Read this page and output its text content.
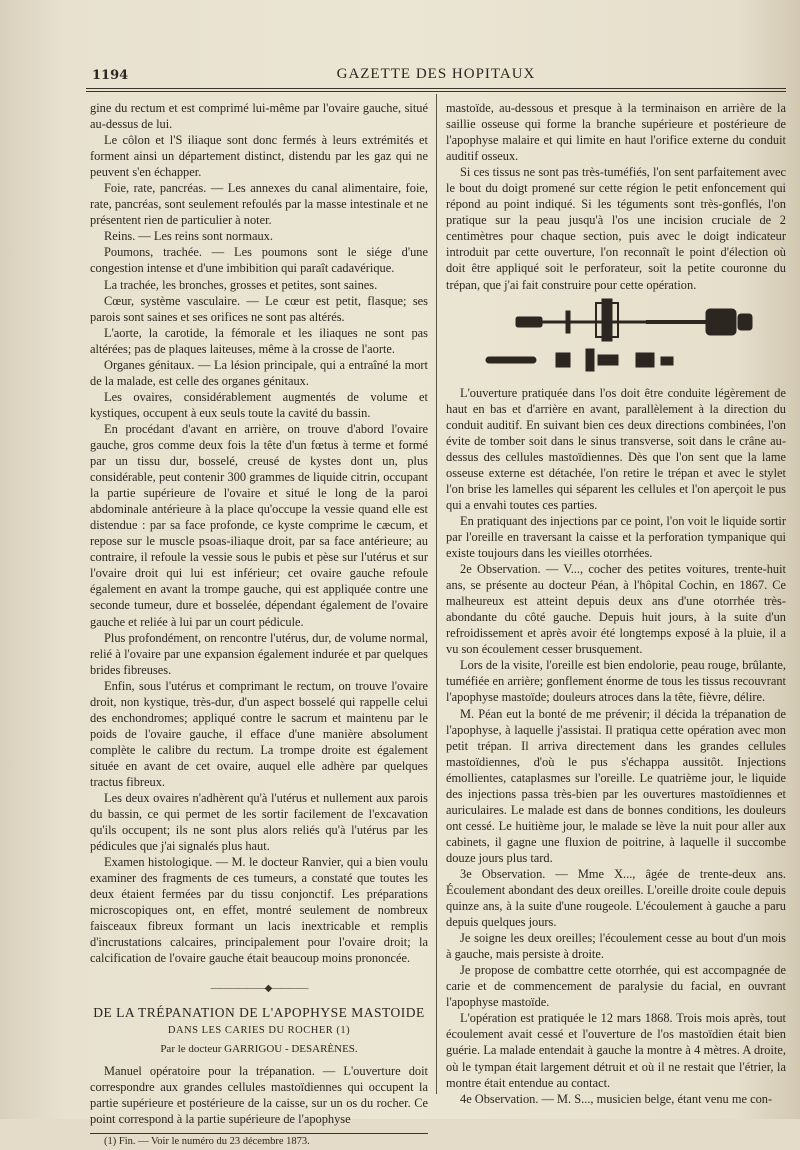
1194	GAZETTE DES HOPITAUX

gine du rectum et est comprimé lui-même par l'ovaire gauche, situé au-dessus de lui.

Le côlon et l'S iliaque sont donc fermés à leurs extrémités et forment ainsi un département distinct, distendu par les gaz qui ne peuvent s'en échapper.

Foie, rate, pancréas. — Les annexes du canal alimentaire, foie, rate, pancréas, sont seulement refoulés par la masse intestinale et ne présentent rien de particulier à noter.

Reins. — Les reins sont normaux.

Poumons, trachée. — Les poumons sont le siége d'une congestion intense et d'une imbibition qui paraît cadavérique.

La trachée, les bronches, grosses et petites, sont saines.

Cœur, système vasculaire. — Le cœur est petit, flasque; ses parois sont saines et ses orifices ne sont pas altérés.

L'aorte, la carotide, la fémorale et les iliaques ne sont pas altérées; pas de plaques laiteuses, même à la crosse de l'aorte.

Organes génitaux. — La lésion principale, qui a entraîné la mort de la malade, est celle des organes génitaux.

Les ovaires, considérablement augmentés de volume et kystiques, occupent à eux seuls toute la cavité du bassin.

En procédant d'avant en arrière, on trouve d'abord l'ovaire gauche, gros comme deux fois la tête d'un fœtus à terme et formé par un tissu dur, bosselé, creusé de kystes dont un, plus considérable, peut contenir 300 grammes de liquide citrin, occupant la partie supérieure de l'ovaire et situé le long de la paroi abdominale antérieure à la place qu'occupe la vessie quand elle est distendue : par sa face profonde, ce kyste comprime le cæcum, et repose sur le muscle psoas-iliaque droit, par sa face antérieure; au contraire, il refoule la vessie sous le pubis et pèse sur l'utérus et sur l'ovaire droit qui lui est inférieur; cet ovaire gauche refoule également en avant la trompe gauche, qui est appliquée contre une seconde tumeur, dure et bosselée, dépendant également de l'ovaire gauche et reliée à lui par un court pédicule.

Plus profondément, on rencontre l'utérus, dur, de volume normal, relié à l'ovaire par une expansion également indurée et par quelques brides fibreuses.

Enfin, sous l'utérus et comprimant le rectum, on trouve l'ovaire droit, non kystique, très-dur, d'un aspect bosselé qui rappelle celui des enchondromes; appliqué contre le sacrum et maintenu par le poids de l'ovaire gauche, il efface d'une manière absolument complète le calibre du rectum. La trompe droite est également située en avant de cet ovaire, auquel elle adhère par quelques tractus fibreux.

Les deux ovaires n'adhèrent qu'à l'utérus et nullement aux parois du bassin, ce qui permet de les sortir facilement de l'excavation qu'ils occupent; ils ne sont plus alors reliés qu'à l'utérus par les pédicules que j'ai signalés plus haut.

Examen histologique. — M. le docteur Ranvier, qui a bien voulu examiner des fragments de ces tumeurs, a constaté que toutes les deux étaient fermées par du tissu conjonctif. Les préparations microscopiques ont, en effet, montré seulement de nombreux faisceaux fibreux formant un lacis inextricable et remplis d'incrustations calcaires, principalement pour l'ovaire droit; la calcification de l'ovaire gauche était beaucoup moins prononcée.

——————◆————
DE LA TRÉPANATION DE L'APOPHYSE MASTOIDE
DANS LES CARIES DU ROCHER (1)
Par le docteur GARRIGOU - DESARÈNES.

Manuel opératoire pour la trépanation. — L'ouverture doit correspondre aux grandes cellules mastoïdiennes qui occupent la partie supérieure et postérieure de la caisse, sur un os du rocher. Ce point correspond à la partie supérieure de l'apophyse

(1) Fin. — Voir le numéro du 23 décembre 1873.

mastoïde, au-dessous et presque à la terminaison en arrière de la saillie osseuse qui forme la branche supérieure et postérieure de l'apophyse malaire et qui limite en haut l'orifice externe du conduit auditif osseux.

Si ces tissus ne sont pas très-tuméfiés, l'on sent parfaitement avec le bout du doigt promené sur cette région le petit enfoncement qui répond au point indiqué. Si les téguments sont très-gonflés, l'on pratique sur la peau jusqu'à l'os une incision cruciale de 2 centimètres pour chaque section, puis avec le doigt indicateur introduit par cette ouverture, l'on reconnaît le point d'élection où doit être appliqué soit le perforateur, soit la petite couronne du trépan, que j'ai fait construire pour cette opération.

L'ouverture pratiquée dans l'os doit être conduite légèrement de haut en bas et d'arrière en avant, parallèlement à la direction du conduit auditif. En suivant bien ces deux directions combinées, l'on évite de tomber soit dans le sinus transverse, soit dans le crâne au-dessus des cellules mastoïdiennes. Dès que l'on sent que la lame osseuse externe est détachée, l'on retire le trépan et avec le stylet l'on brise les lamelles qui séparent les cellules et l'on aperçoit le pus qui a envahi toutes ces parties.

En pratiquant des injections par ce point, l'on voit le liquide sortir par l'oreille en traversant la caisse et la perforation tympanique qui existe toujours dans les vieilles otorrhées.

2e Observation. — V..., cocher des petites voitures, trente-huit ans, se présente au docteur Péan, à l'hôpital Cochin, en 1867. Ce malheureux est atteint depuis deux ans d'une otorrhée très-abondante du côté gauche. Depuis huit jours, à la suite d'un refroidissement et après avoir été longtemps exposé à la pluie, il a vu son écoulement cesser brusquement.

Lors de la visite, l'oreille est bien endolorie, peau rouge, brûlante, tuméfiée en arrière; gonflement énorme de tous les tissus recouvrant l'apophyse mastoïde; douleurs atroces dans la tête, fièvre, délire.

M. Péan eut la bonté de me prévenir; il décida la trépanation de l'apophyse, à laquelle j'assistai. Il pratiqua cette opération avec mon petit trépan. Il arriva directement dans les grandes cellules mastoïdiennes, d'où le pus s'échappa aussitôt. Injections émollientes, cataplasmes sur l'oreille. Le quatrième jour, le liquide des injections passa très-bien par les ouvertures mastoïdiennes et auriculaires. Le malade est dans de bonnes conditions, les douleurs ont cessé. Le huitième jour, le malade se lève la nuit pour aller aux cabinets, il gagne une fluxion de poitrine, à laquelle il succombe douze jours plus tard.

3e Observation. — Mme X..., âgée de trente-deux ans. Écoulement abondant des deux oreilles. L'oreille droite coule depuis quinze ans, à la suite d'une rougeole. L'écoulement à gauche a paru depuis quelques jours.

Je soigne les deux oreilles; l'écoulement cesse au bout d'un mois à gauche, mais persiste à droite.

Je propose de combattre cette otorrhée, qui est accompagnée de carie et de commencement de paralysie du facial, en ouvrant l'apophyse mastoïde.

L'opération est pratiquée le 12 mars 1868. Trois mois après, tout écoulement avait cessé et l'ouverture de l'os mastoïdien était bien guérie. La malade entendait à gauche la montre à 4 mètres. A droite, où le tympan était largement détruit et où il ne restait que l'étrier, la montre était entendue au contact.

4e Observation. — M. S..., musicien belge, étant venu me con-
